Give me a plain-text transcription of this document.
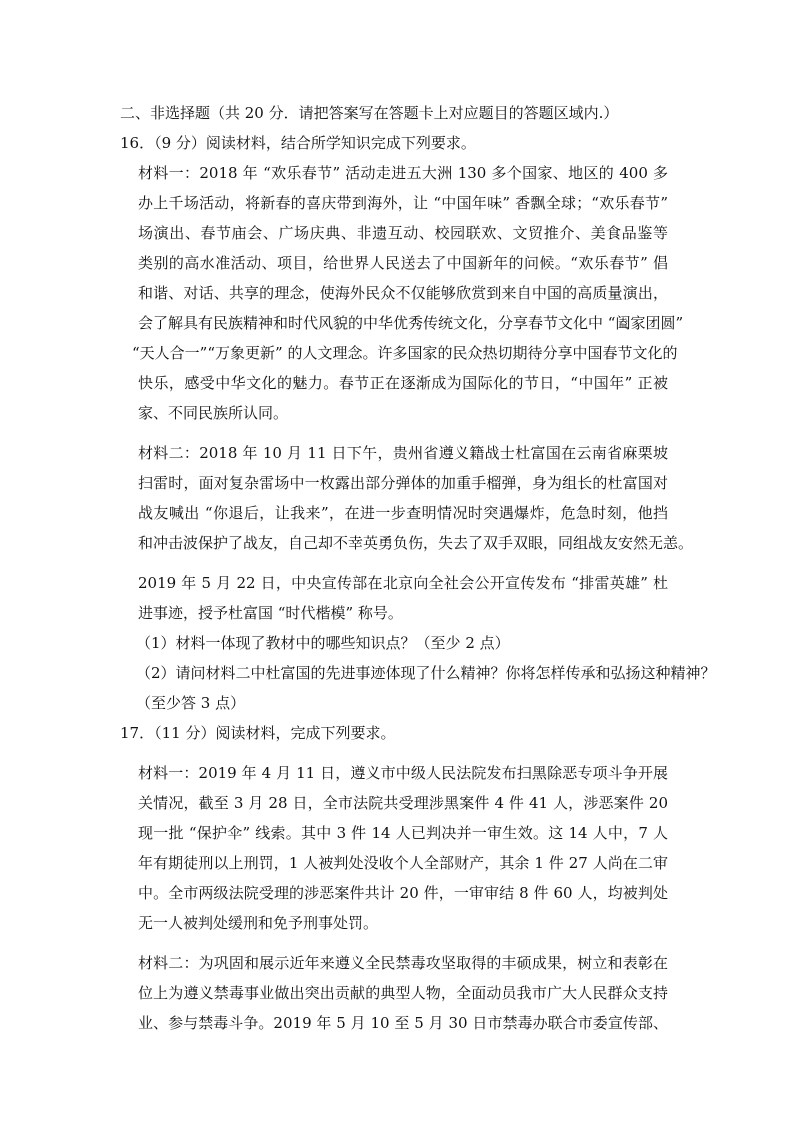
二、非选择题（共 20 分．请把答案写在答题卡上对应题目的答题区域内.）
16．（9 分）阅读材料，结合所学知识完成下列要求。
材料一：2018 年 “欢乐春节” 活动走进五大洲 130 多个国家、地区的 400 多
办上千场活动，将新春的喜庆带到海外，让 “中国年味” 香飘全球；“欢乐春节”
场演出、春节庙会、广场庆典、非遗互动、校园联欢、文贸推介、美食品鉴等
类别的高水准活动、项目，给世界人民送去了中国新年的问候。“欢乐春节” 倡
和谐、对话、共享的理念，使海外民众不仅能够欣赏到来自中国的高质量演出，
会了解具有民族精神和时代风貌的中华优秀传统文化，分享春节文化中 “阖家团圆”
“天人合一”“万象更新” 的人文理念。许多国家的民众热切期待分享中国春节文化的
快乐，感受中华文化的魅力。春节正在逐渐成为国际化的节日，“中国年” 正被
家、不同民族所认同。
材料二：2018 年 10 月 11 日下午，贵州省遵义籍战士杜富国在云南省麻栗坡
扫雷时，面对复杂雷场中一枚露出部分弹体的加重手榴弹，身为组长的杜富国对
战友喊出 “你退后，让我来”，在进一步查明情况时突遇爆炸，危急时刻，他挡
和冲击波保护了战友，自己却不幸英勇负伤，失去了双手双眼，同组战友安然无恙。
2019 年 5 月 22 日，中央宣传部在北京向全社会公开宣传发布 “排雷英雄” 杜
进事迹，授予杜富国 “时代楷模” 称号。
（1）材料一体现了教材中的哪些知识点？（至少 2 点）
（2）请问材料二中杜富国的先进事迹体现了什么精神？你将怎样传承和弘扬这种精神？
（至少答 3 点）
17．（11 分）阅读材料，完成下列要求。
材料一：2019 年 4 月 11 日，遵义市中级人民法院发布扫黑除恶专项斗争开展
关情况，截至 3 月 28 日，全市法院共受理涉黑案件 4 件 41 人，涉恶案件 20
现一批 “保护伞” 线索。其中 3 件 14 人已判决并一审生效。这 14 人中，7 人
年有期徒刑以上刑罚，1 人被判处没收个人全部财产，其余 1 件 27 人尚在二审
中。全市两级法院受理的涉恶案件共计 20 件，一审审结 8 件 60 人，均被判处
无一人被判处缓刑和免予刑事处罚。
材料二：为巩固和展示近年来遵义全民禁毒攻坚取得的丰硕成果，树立和表彰在
位上为遵义禁毒事业做出突出贡献的典型人物，全面动员我市广大人民群众支持
业、参与禁毒斗争。2019 年 5 月 10 至 5 月 30 日市禁毒办联合市委宣传部、
